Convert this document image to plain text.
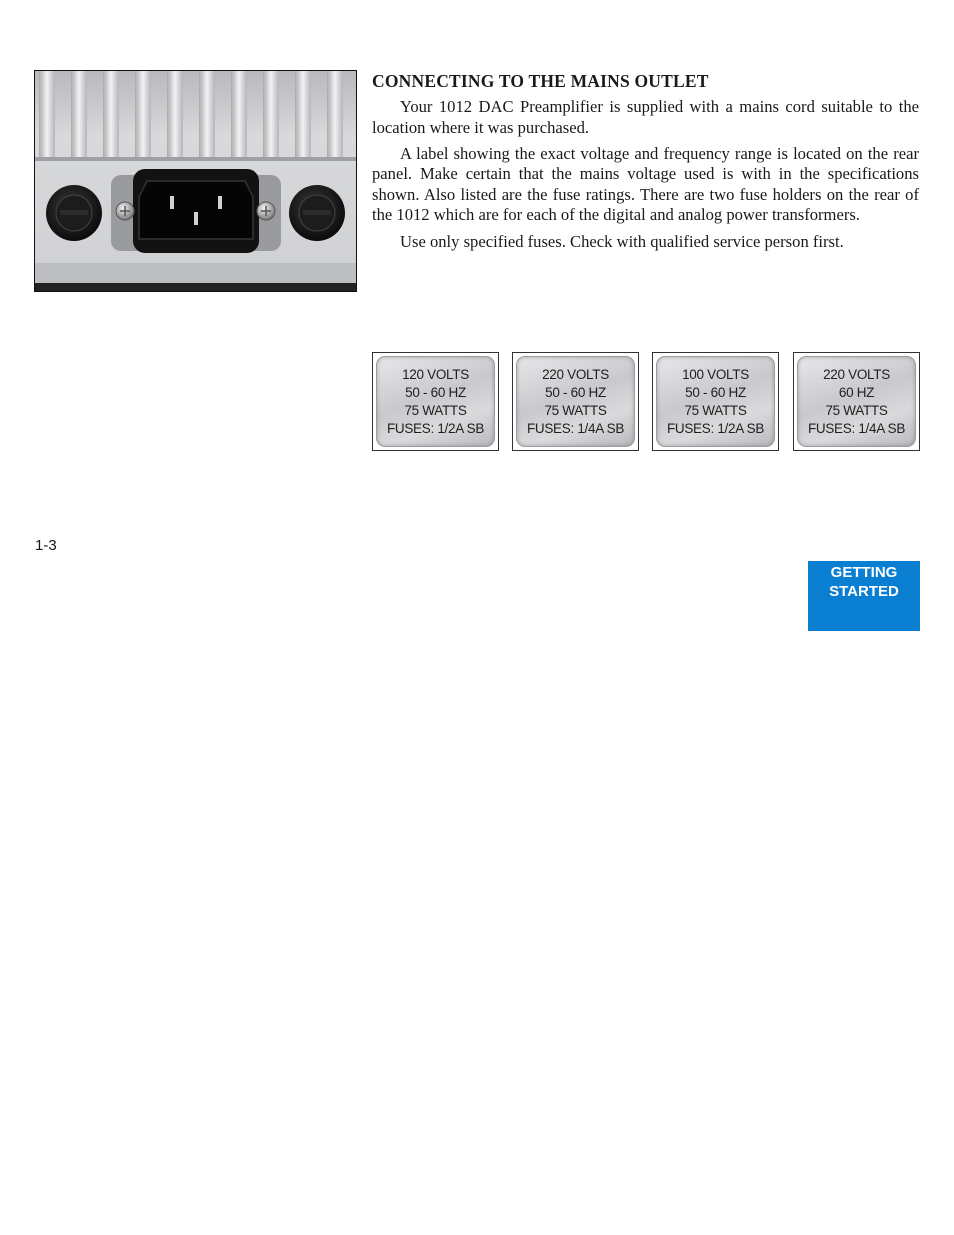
CONNECTING TO THE MAINS OUTLET

Your 1012 DAC Preamplifier is supplied with a mains cord suitable to the location where it was purchased.

A label showing the exact voltage and frequency range is located on the rear panel. Make certain that the mains voltage used is with in the specifications shown. Also listed are the fuse ratings. There are two fuse holders on the rear of the 1012 which are for each of the digital and analog power transformers.

Use only specified fuses. Check with qualified service person first.

120 VOLTS
50 - 60 HZ
75 WATTS
FUSES: 1/2A SB
220 VOLTS
50 - 60 HZ
75 WATTS
FUSES: 1/4A SB
100 VOLTS
50 - 60 HZ
75 WATTS
FUSES: 1/2A SB
220 VOLTS
60 HZ
75 WATTS
FUSES: 1/4A SB
1-3
GETTING
STARTED
